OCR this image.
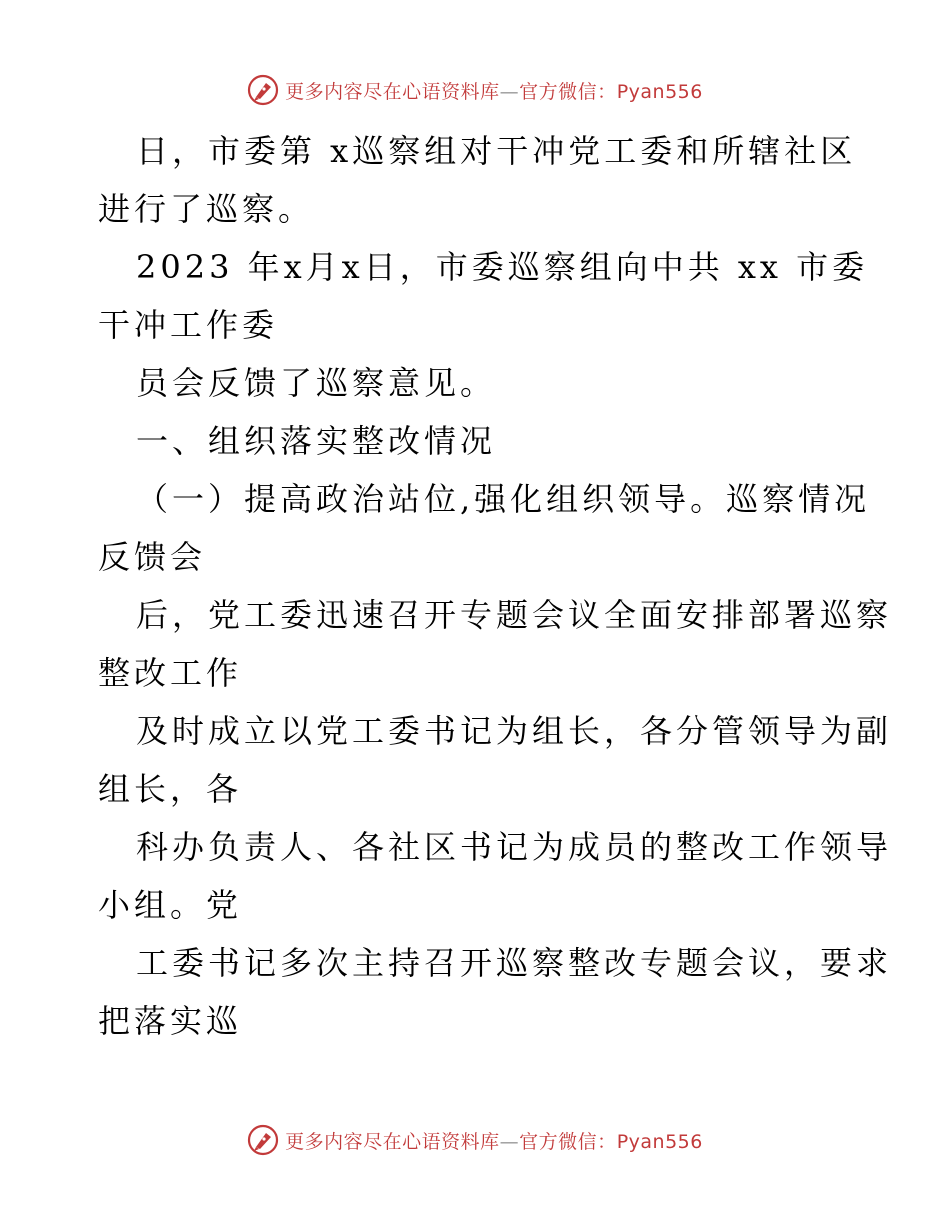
更多内容尽在心语资料库—官方微信：Pyan556
日，市委第 x巡察组对干冲党工委和所辖社区
进行了巡察。
2023 年x月x日，市委巡察组向中共 xx 市委
干冲工作委
员会反馈了巡察意见。
一、组织落实整改情况
（一）提高政治站位,强化组织领导。巡察情况
反馈会
后，党工委迅速召开专题会议全面安排部署巡察
整改工作
及时成立以党工委书记为组长，各分管领导为副
组长，各
科办负责人、各社区书记为成员的整改工作领导
小组。党
工委书记多次主持召开巡察整改专题会议，要求
把落实巡
更多内容尽在心语资料库—官方微信：Pyan556
